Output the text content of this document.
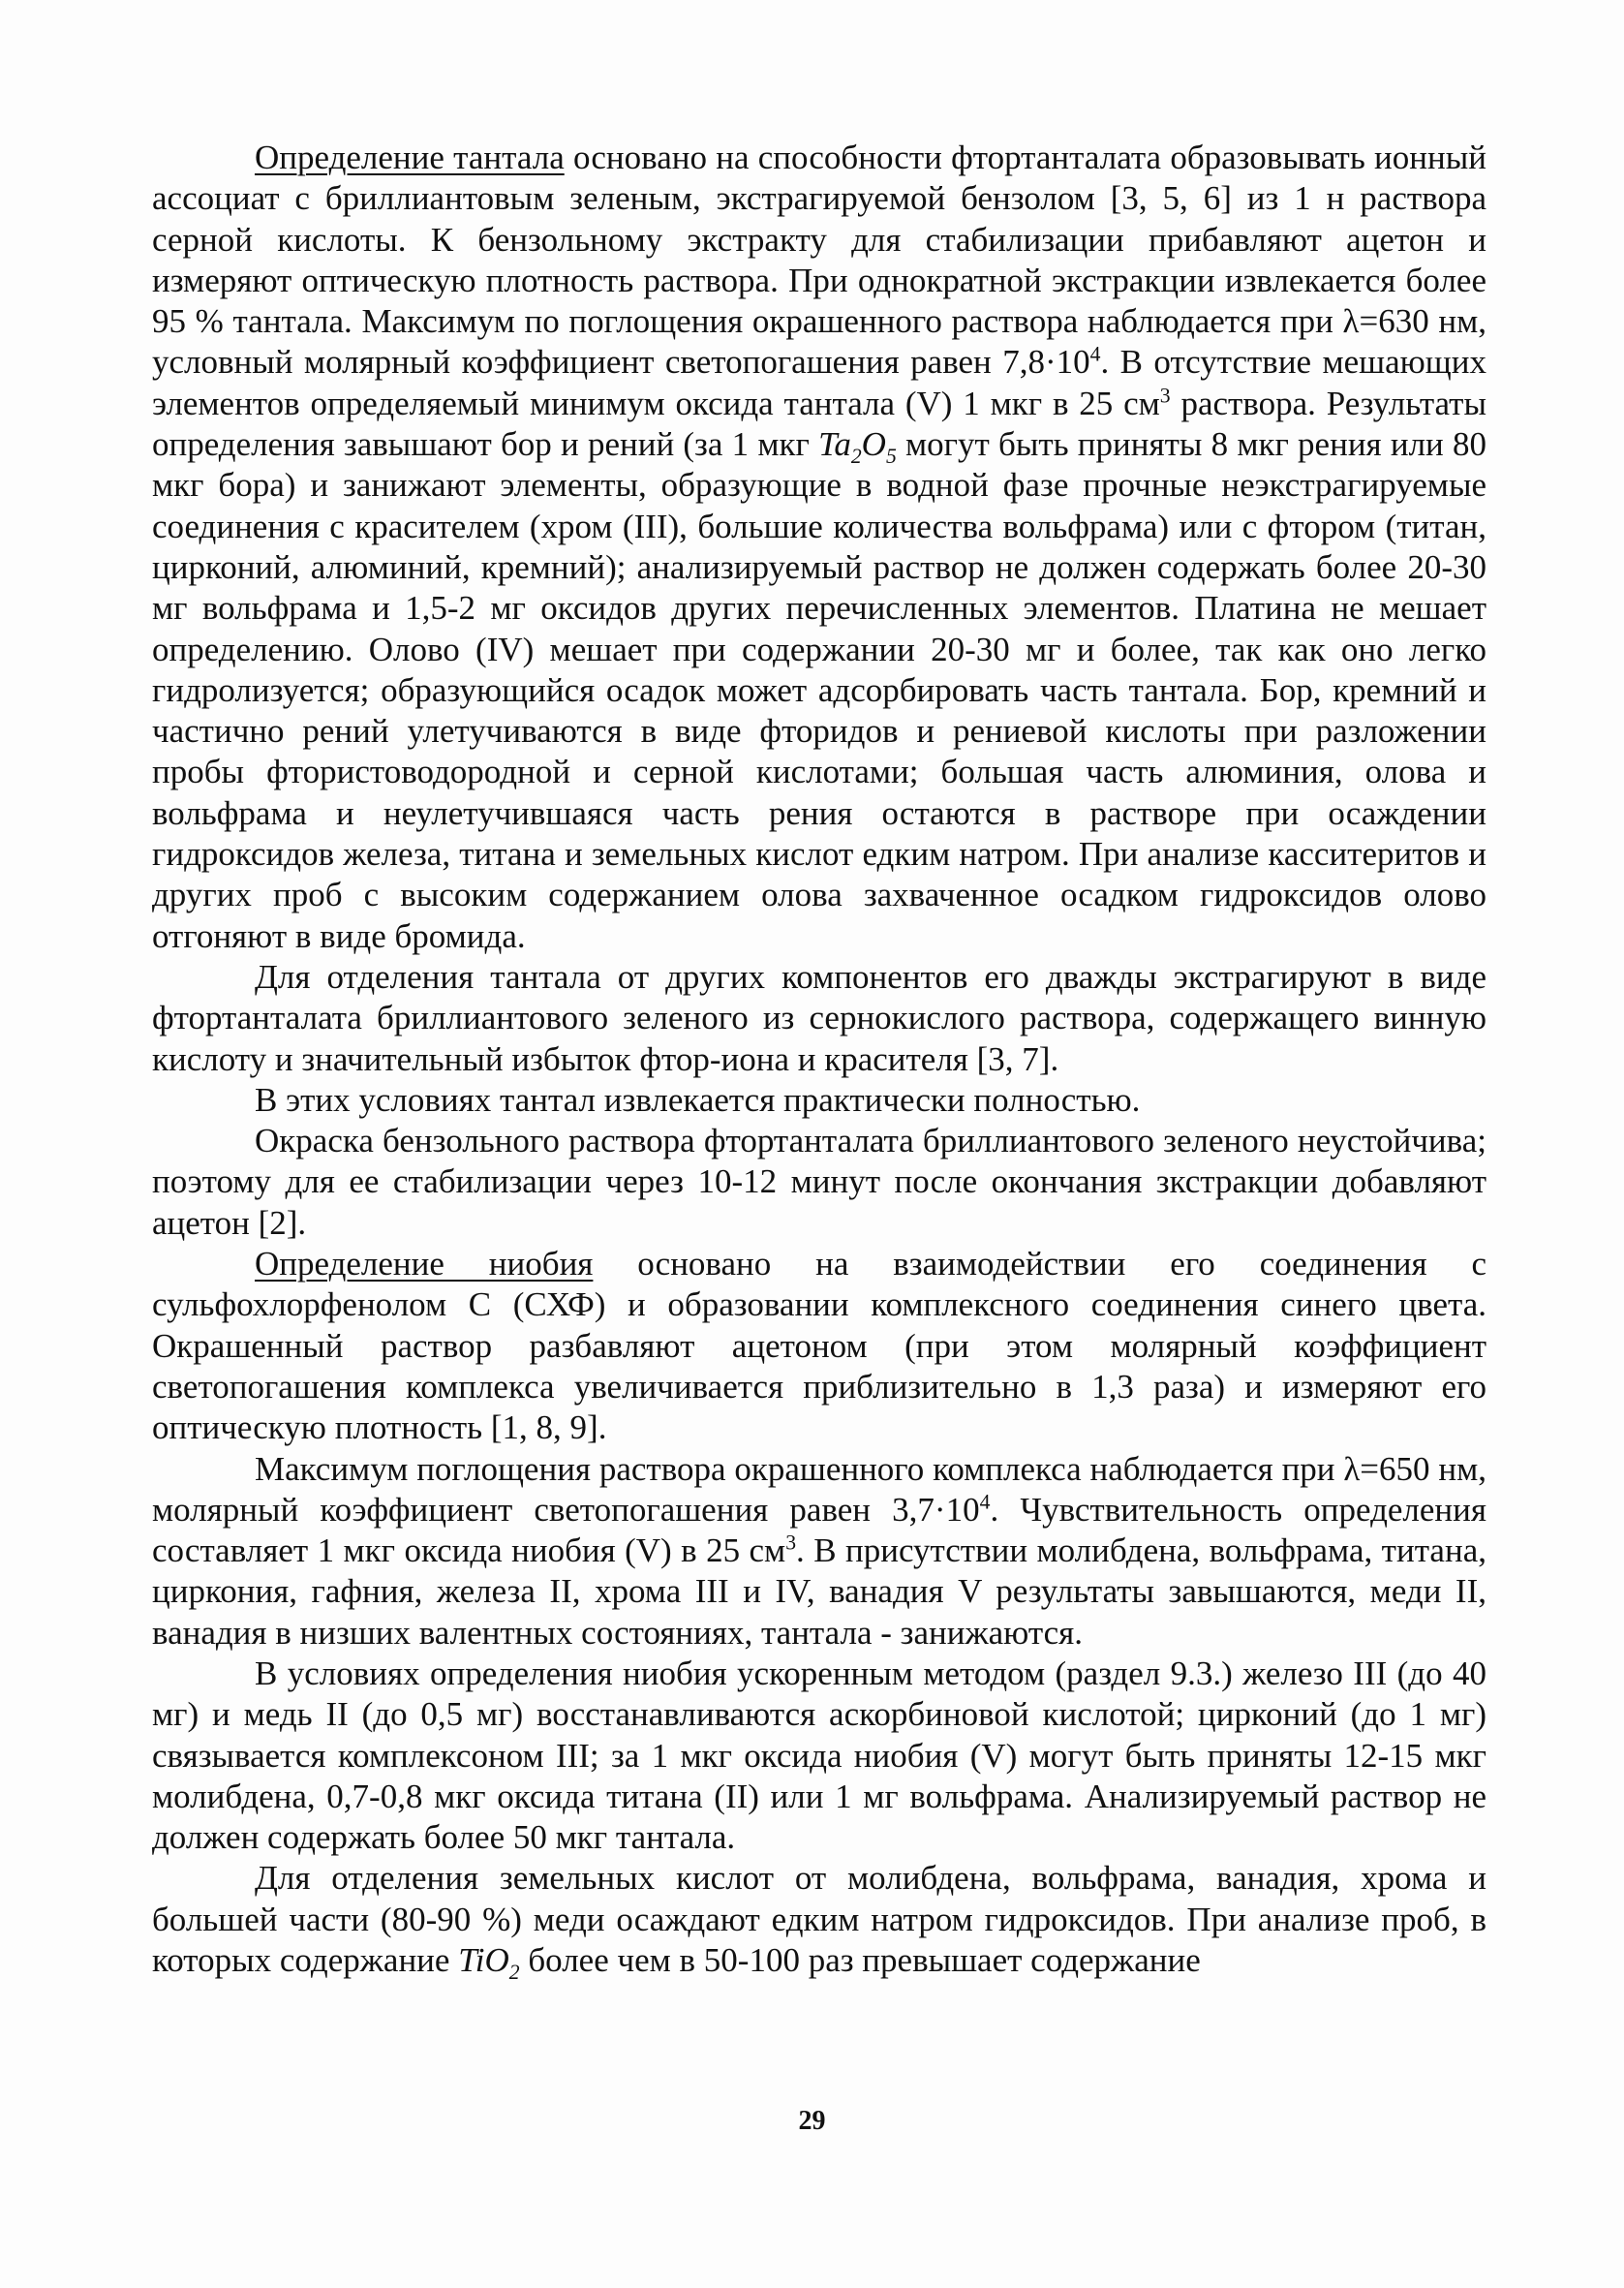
Определение тантала основано на способности фтортанталата образовывать ионный ассоциат с бриллиантовым зеленым, экстрагируемой бензолом [3, 5, 6] из 1 н раствора серной кислоты. К бензольному экстракту для стабилизации прибавляют ацетон и измеряют оптическую плотность раствора. При однократной экстракции извлекается более 95 % тантала. Максимум по поглощения окрашенного раствора наблюдается при λ=630 нм, условный молярный коэффициент светопогашения равен $7,8\cdot 10^4$. В отсутствие мешающих элементов определяемый минимум оксида тантала (V) 1 мкг в 25 $см^3$ раствора. Результаты определения завышают бор и рений (за 1 мкг $Ta_2O_5$ могут быть приняты 8 мкг рения или 80 мкг бора) и занижают элементы, образующие в водной фазе прочные неэкстрагируемые соединения с красителем (хром (III), большие количества вольфрама) или с фтором (титан, цирконий, алюминий, кремний); анализируемый раствор не должен содержать более 20-30 мг вольфрама и 1,5-2 мг оксидов других перечисленных элементов. Платина не мешает определению. Олово (IV) мешает при содержании 20-30 мг и более, так как оно легко гидролизуется; образующийся осадок может адсорбировать часть тантала. Бор, кремний и частично рений улетучиваются в виде фторидов и рениевой кислоты при разложении пробы фтористоводородной и серной кислотами; большая часть алюминия, олова и вольфрама и неулетучившаяся часть рения остаются в растворе при осаждении гидроксидов железа, титана и земельных кислот едким натром. При анализе касситеритов и других проб с высоким содержанием олова захваченное осадком гидроксидов олово отгоняют в виде бромида.

Для отделения тантала от других компонентов его дважды экстрагируют в виде фтортанталата бриллиантового зеленого из сернокислого раствора, содержащего винную кислоту и значительный избыток фтор-иона и красителя [3, 7].

В этих условиях тантал извлекается практически полностью.

Окраска бензольного раствора фтортанталата бриллиантового зеленого неустойчива; поэтому для ее стабилизации через 10-12 минут после окончания зкстракции добавляют ацетон [2].

Определение ниобия основано на взаимодействии его соединения с сульфохлорфенолом С (СХФ) и образовании комплексного соединения синего цвета. Окрашенный раствор разбавляют ацетоном (при этом молярный коэффициент светопогашения комплекса увеличивается приблизительно в 1,3 раза) и измеряют его оптическую плотность [1, 8, 9].

Максимум поглощения раствора окрашенного комплекса наблюдается при λ=650 нм, молярный коэффициент светопогашения равен $3,7\cdot 10^4$. Чувствительность определения составляет 1 мкг оксида ниобия (V) в 25 $см^3$. В присутствии молибдена, вольфрама, титана, циркония, гафния, железа II, хрома III и IV, ванадия V результаты завышаются, меди II, ванадия в низших валентных состояниях, тантала - занижаются.

В условиях определения ниобия ускоренным методом (раздел 9.3.) железо III (до 40 мг) и медь II (до 0,5 мг) восстанавливаются аскорбиновой кислотой; цирконий (до 1 мг) связывается комплексоном III; за 1 мкг оксида ниобия (V) могут быть приняты 12-15 мкг молибдена, 0,7-0,8 мкг оксида титана (II) или 1 мг вольфрама. Анализируемый раствор не должен содержать более 50 мкг тантала.

Для отделения земельных кислот от молибдена, вольфрама, ванадия, хрома и большей части (80-90 %) меди осаждают едким натром гидроксидов. При анализе проб, в которых содержание TiO$_2$ более чем в 50-100 раз превышает содержание

29
